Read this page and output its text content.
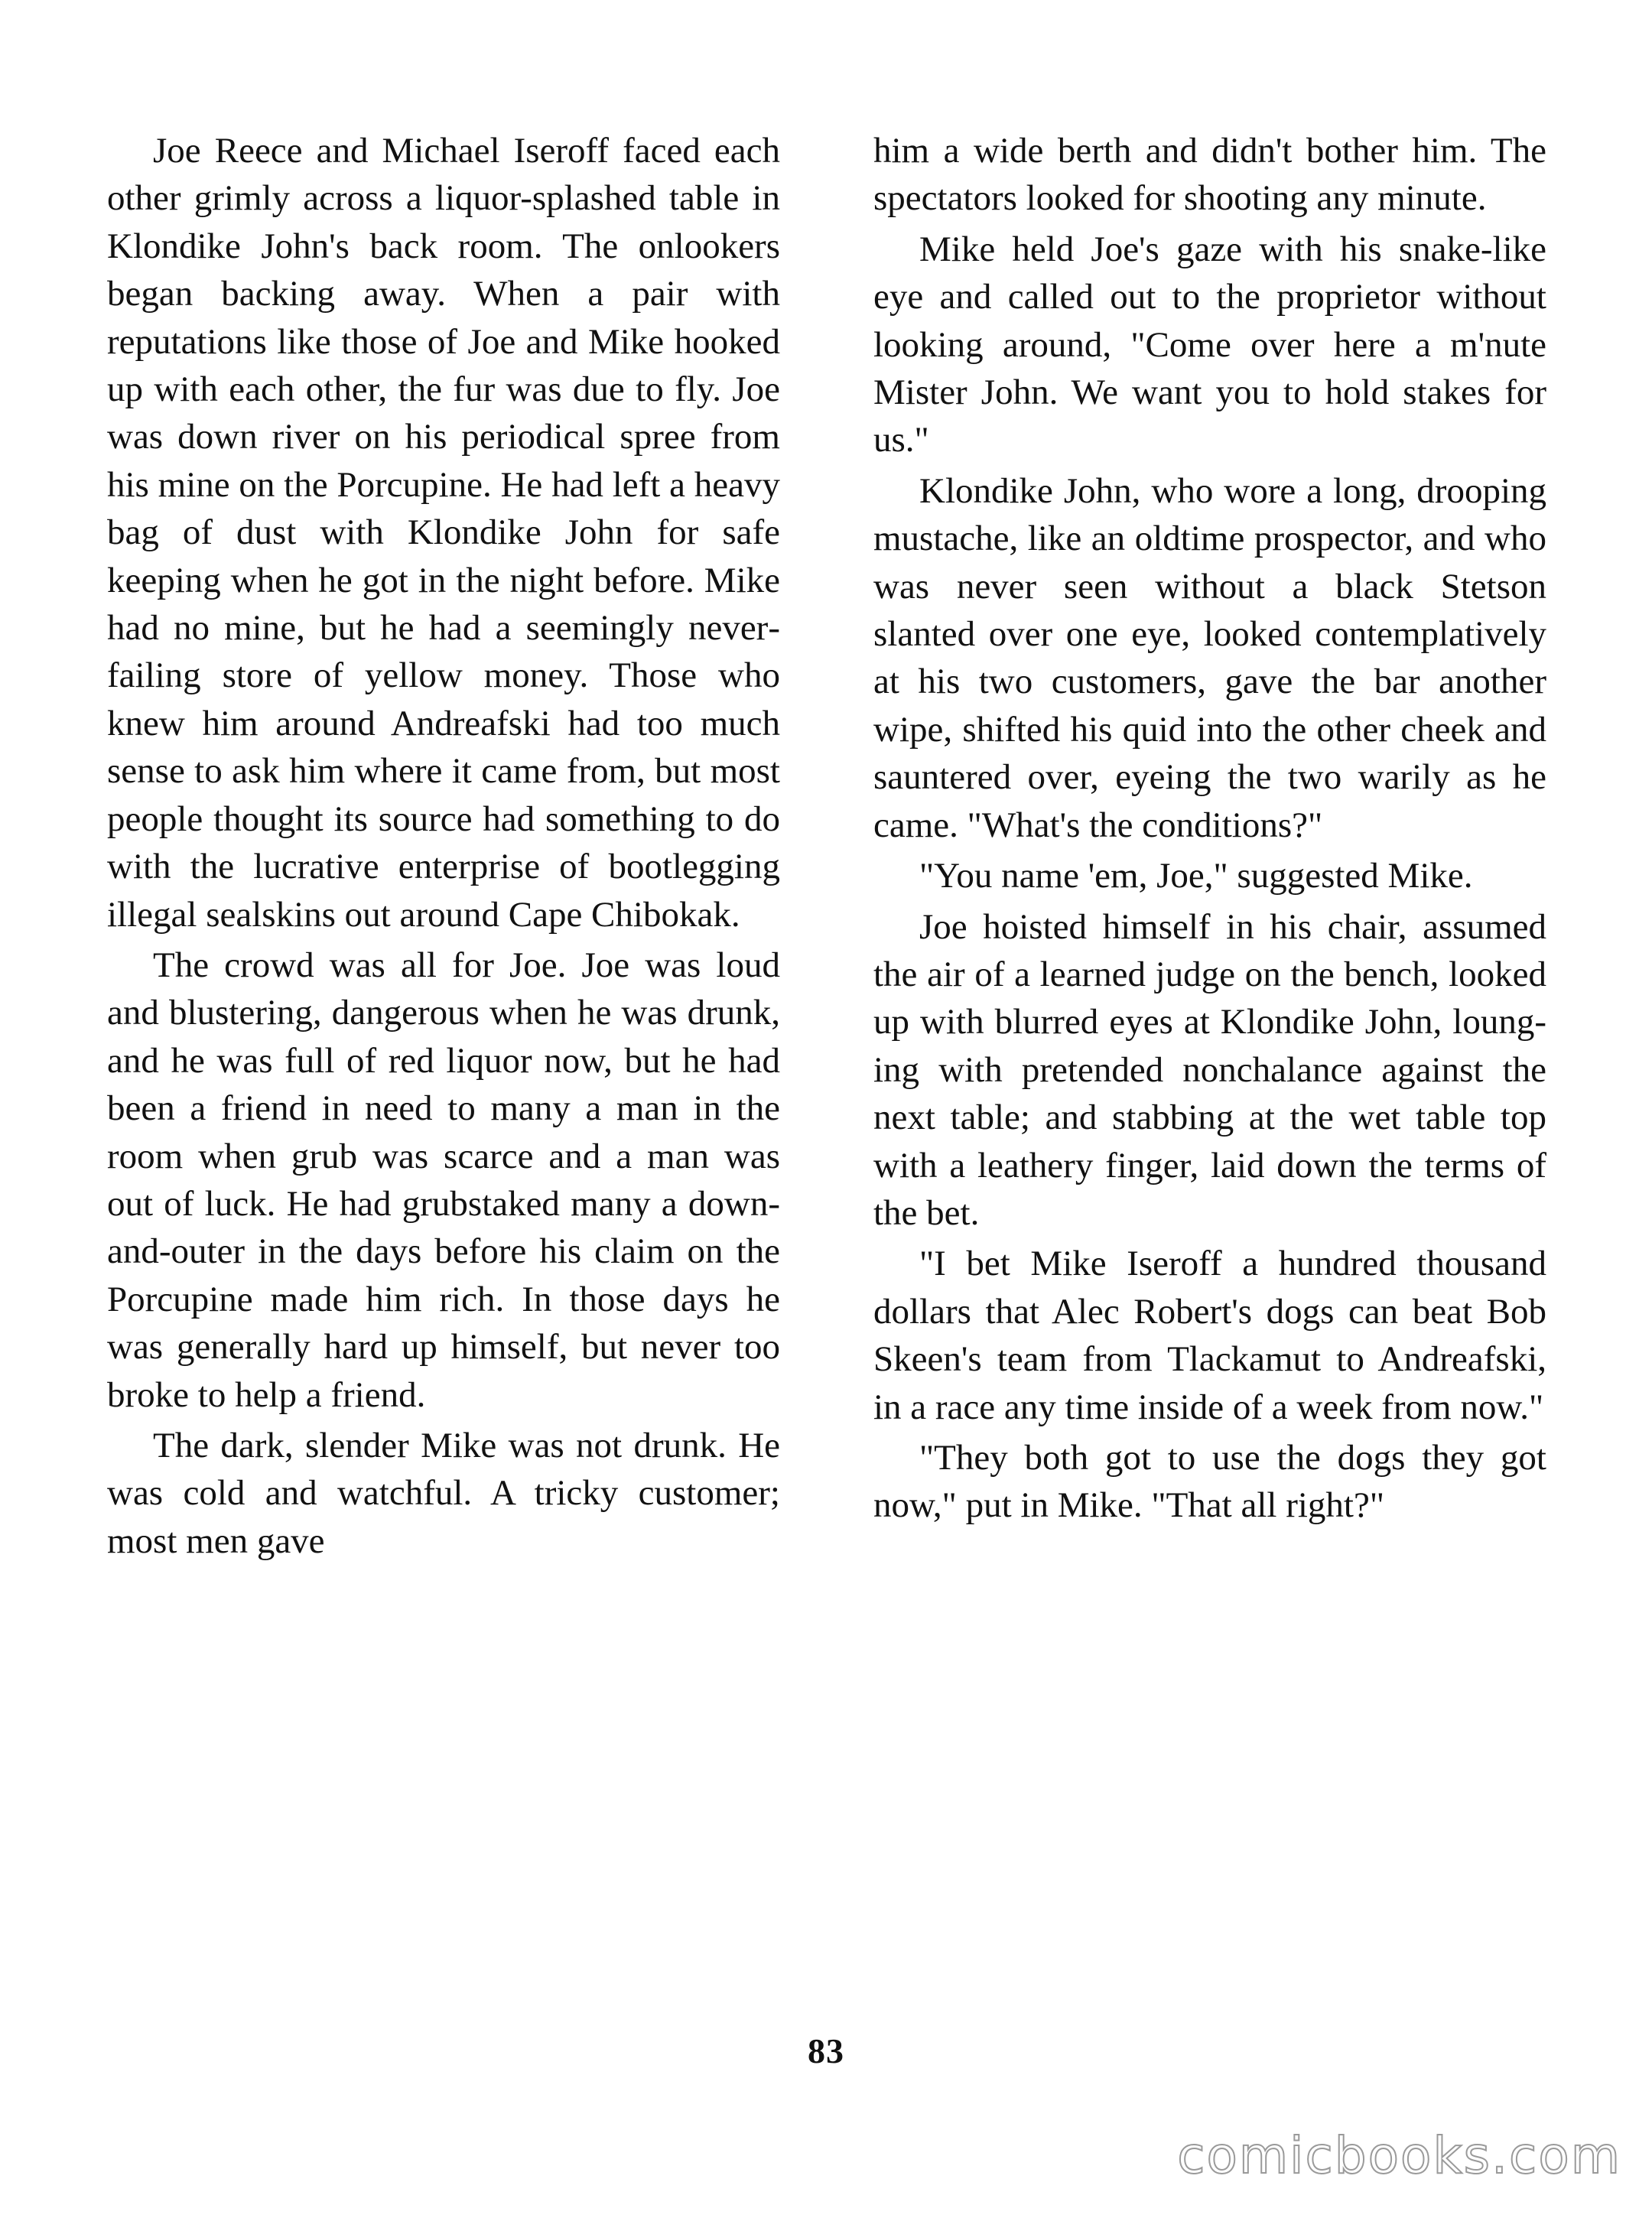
Joe Reece and Michael Iseroff faced each other grimly across a liquor-splashed table in Klondike John's back room. The onlookers began backing away. When a pair with reputations like those of Joe and Mike hooked up with each other, the fur was due to fly. Joe was down river on his periodical spree from his mine on the Porcupine. He had left a heavy bag of dust with Klondike John for safe keeping when he got in the night before. Mike had no mine, but he had a seemingly neverfailing store of yellow money. Those who knew him around Andreafski had too much sense to ask him where it came from, but most people thought its source had something to do with the lucrative enterprise of bootlegging illegal sealskins out around Cape Chibokak.

The crowd was all for Joe. Joe was loud and blustering, dangerous when he was drunk, and he was full of red liquor now, but he had been a friend in need to many a man in the room when grub was scarce and a man was out of luck. He had grubstaked many a down-and-outer in the days before his claim on the Porcupine made him rich. In those days he was generally hard up himself, but never too broke to help a friend.

The dark, slender Mike was not drunk. He was cold and watchful. A tricky customer; most men gave

him a wide berth and didn't bother him. The spectators looked for shooting any minute.

Mike held Joe's gaze with his snake-like eye and called out to the proprietor without looking around, "Come over here a m'nute Mister John. We want you to hold stakes for us."

Klondike John, who wore a long, drooping mustache, like an oldtime prospector, and who was never seen without a black Stetson slanted over one eye, looked contemplatively at his two customers, gave the bar another wipe, shifted his quid into the other cheek and sauntered over, eyeing the two warily as he came. "What's the conditions?"

"You name 'em, Joe," suggested Mike.

Joe hoisted himself in his chair, assumed the air of a learned judge on the bench, looked up with blurred eyes at Klondike John, lounging with pretended nonchalance against the next table; and stabbing at the wet table top with a leathery finger, laid down the terms of the bet.

"I bet Mike Iseroff a hundred thousand dollars that Alec Robert's dogs can beat Bob Skeen's team from Tlackamut to Andreafski, in a race any time inside of a week from now."

"They both got to use the dogs they got now," put in Mike. "That all right?"

83
comicbooks.com
